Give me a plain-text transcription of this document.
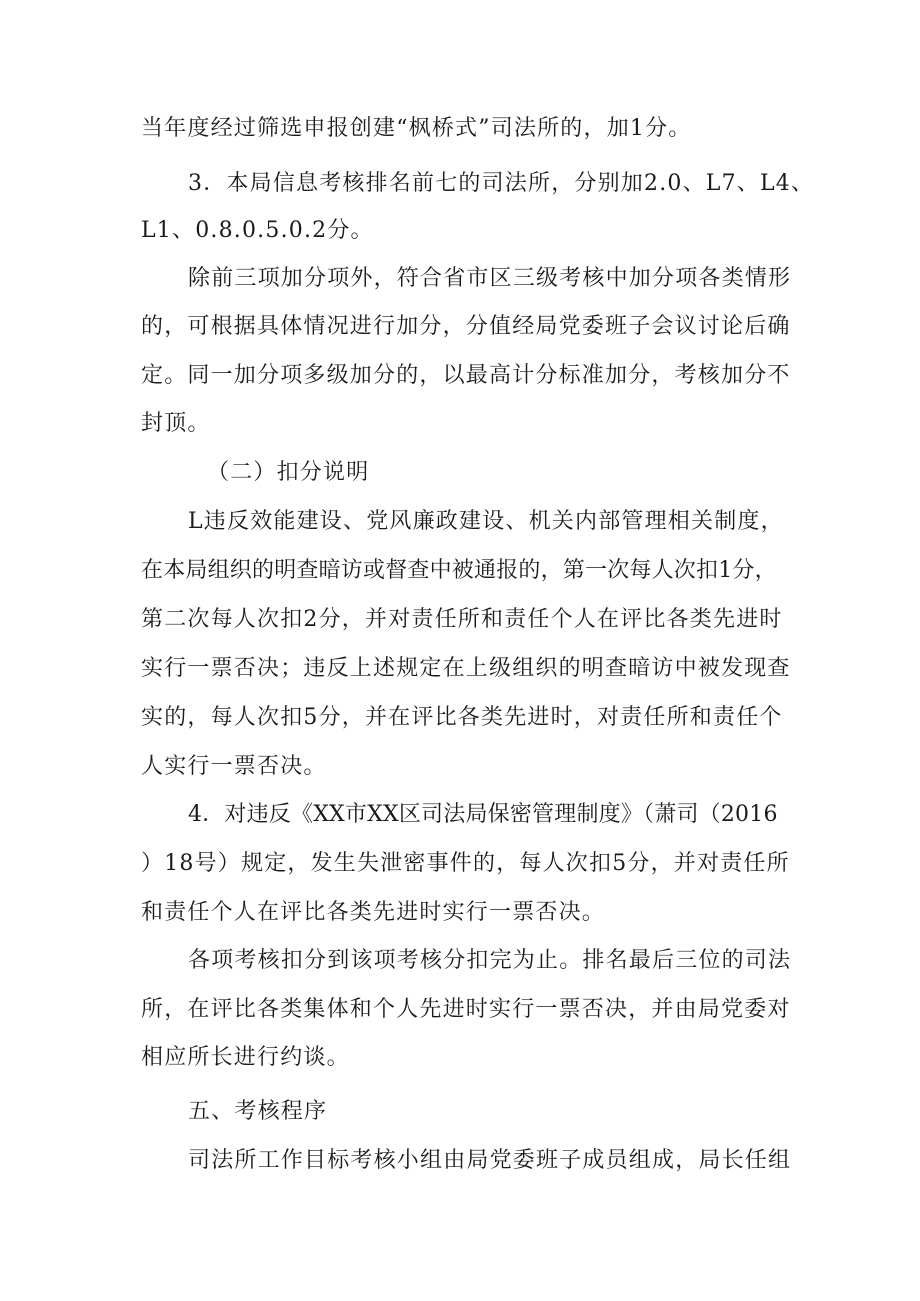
当年度经过筛选申报创建“枫桥式”司法所的，加1分。
3．本局信息考核排名前七的司法所，分别加2.0、L7、L4、
L1、0.8.0.5.0.2分。
除前三项加分项外，符合省市区三级考核中加分项各类情形
的，可根据具体情况进行加分，分值经局党委班子会议讨论后确
定。同一加分项多级加分的，以最高计分标准加分，考核加分不
封顶。
（二）扣分说明
L违反效能建设、党风廉政建设、机关内部管理相关制度，
在本局组织的明查暗访或督查中被通报的，第一次每人次扣1分，
第二次每人次扣2分，并对责任所和责任个人在评比各类先进时
实行一票否决；违反上述规定在上级组织的明查暗访中被发现查
实的，每人次扣5分，并在评比各类先进时，对责任所和责任个
人实行一票否决。
4．对违反《XX市XX区司法局保密管理制度》（萧司（2016
）18号）规定，发生失泄密事件的，每人次扣5分，并对责任所
和责任个人在评比各类先进时实行一票否决。
各项考核扣分到该项考核分扣完为止。排名最后三位的司法
所，在评比各类集体和个人先进时实行一票否决，并由局党委对
相应所长进行约谈。
五、考核程序
司法所工作目标考核小组由局党委班子成员组成，局长任组
